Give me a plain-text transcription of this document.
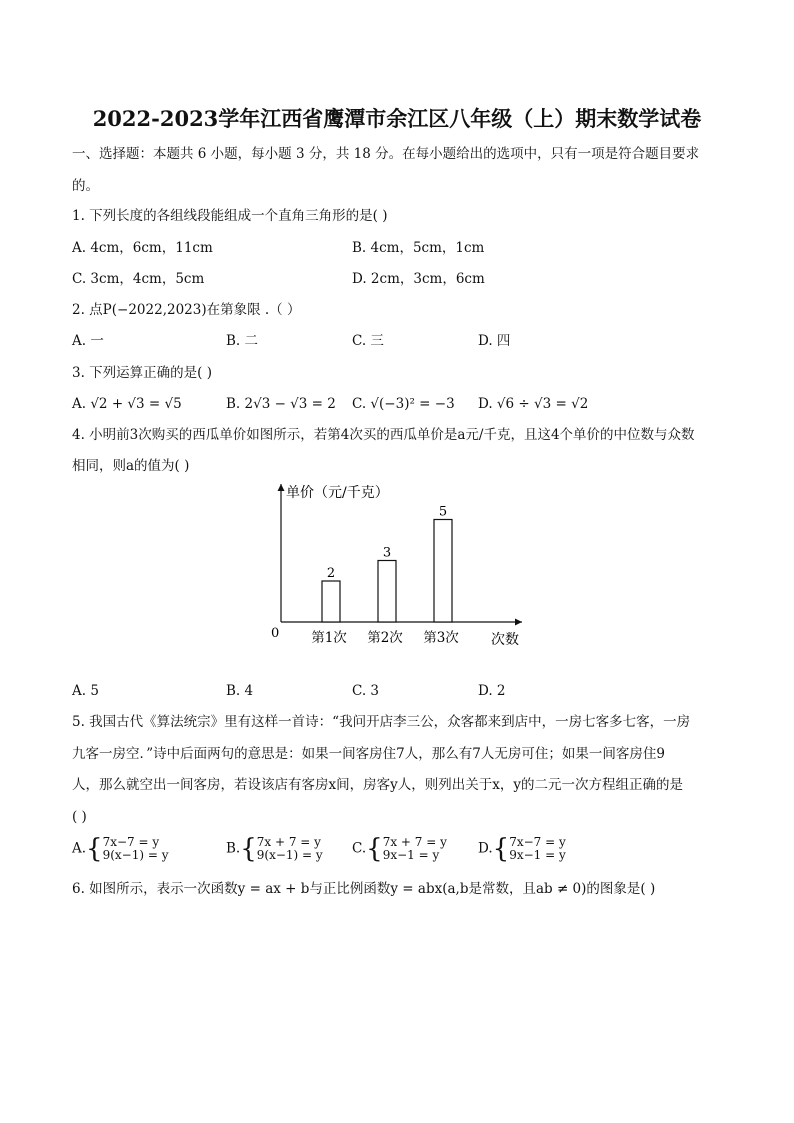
2022-2023学年江西省鹰潭市余江区八年级（上）期末数学试卷
一、选择题：本题共 6 小题，每小题 3 分，共 18 分。在每小题给出的选项中，只有一项是符合题目要求
的。
1. 下列长度的各组线段能组成一个直角三角形的是( )
A. 4cm，6cm，11cm	B. 4cm，5cm，1cm
C. 3cm，4cm，5cm	D. 2cm，3cm，6cm
2. 点P(−2022,2023)在第象限 .（ ）
A. 一	B. 二	C. 三	D. 四
3. 下列运算正确的是( )
A. √2 + √3 = √5	B. 2√3 − √3 = 2 C. √(−3)² = −3 D. √6 ÷ √3 = √2
4. 小明前3次购买的西瓜单价如图所示，若第4次买的西瓜单价是a元/千克，且这4个单价的中位数与众数
相同，则a的值为( )
单价（元/千克）
次数
0
2
第1次
3
第2次
5
第3次
A. 5	B. 4	C. 3	D. 2
5. 我国古代《算法统宗》里有这样一首诗：“我问开店李三公，众客都来到店中，一房七客多七客，一房
九客一房空．”诗中后面两句的意思是：如果一间客房住7人，那么有7人无房可住；如果一间客房住9
人，那么就空出一间客房，若设该店有客房x间，房客y人，则列出关于x，y的二元一次方程组正确的是
( )
A.{ 7x−7 = y
9(x−1) = y	B.{ 7x + 7 = y
9(x−1) = y C.{ 7x + 7 = y
9x−1 = y	D.{ 7x−7 = y
9x−1 = y
6. 如图所示，表示一次函数y = ax + b与正比例函数y = abx(a,b是常数，且ab ≠ 0)的图象是( )
